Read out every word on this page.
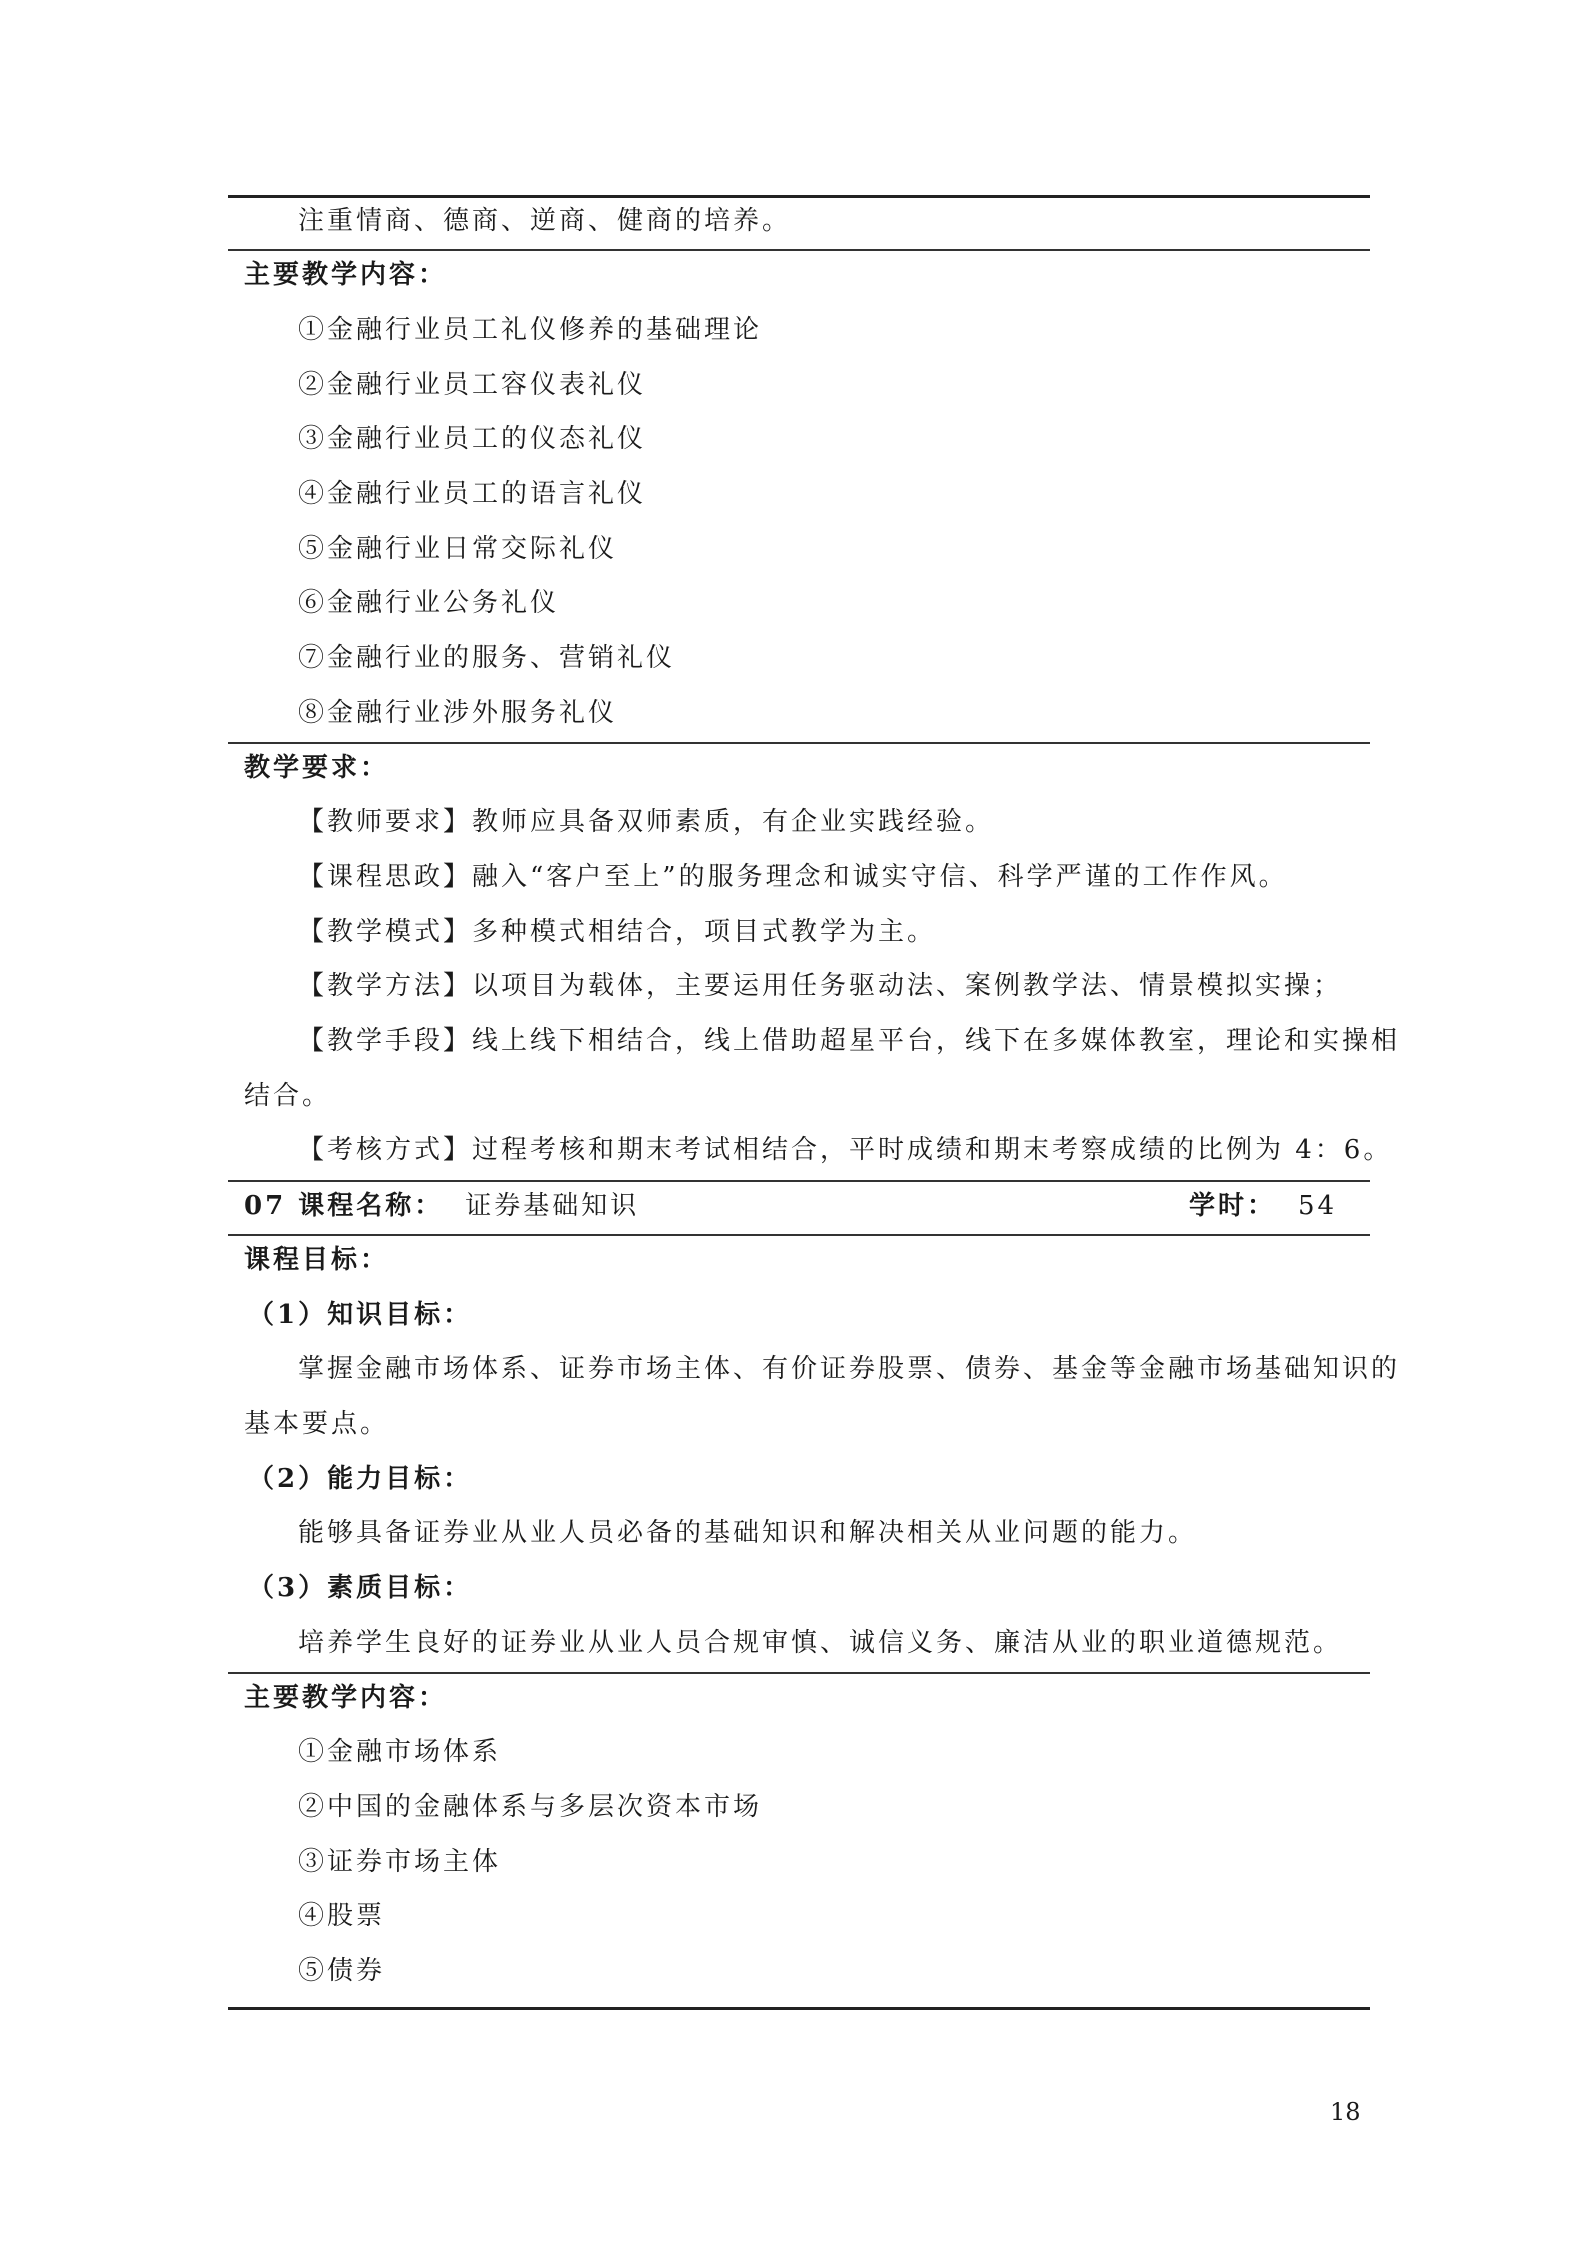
注重情商、德商、逆商、健商的培养。
主要教学内容：
①金融行业员工礼仪修养的基础理论
②金融行业员工容仪表礼仪
③金融行业员工的仪态礼仪
④金融行业员工的语言礼仪
⑤金融行业日常交际礼仪
⑥金融行业公务礼仪
⑦金融行业的服务、营销礼仪
⑧金融行业涉外服务礼仪
教学要求：
【教师要求】教师应具备双师素质，有企业实践经验。
【课程思政】融入“客户至上”的服务理念和诚实守信、科学严谨的工作作风。
【教学模式】多种模式相结合，项目式教学为主。
【教学方法】以项目为载体，主要运用任务驱动法、案例教学法、情景模拟实操；
【教学手段】线上线下相结合，线上借助超星平台，线下在多媒体教室，理论和实操相
结合。
【考核方式】过程考核和期末考试相结合，平时成绩和期末考察成绩的比例为 4：6。
07 课程名称： 证券基础知识	学时： 54
课程目标：
（1）知识目标：
掌握金融市场体系、证券市场主体、有价证券股票、债券、基金等金融市场基础知识的
基本要点。
（2）能力目标：
能够具备证券业从业人员必备的基础知识和解决相关从业问题的能力。
（3）素质目标：
培养学生良好的证券业从业人员合规审慎、诚信义务、廉洁从业的职业道德规范。
主要教学内容：
①金融市场体系
②中国的金融体系与多层次资本市场
③证券市场主体
④股票
⑤债券
18
